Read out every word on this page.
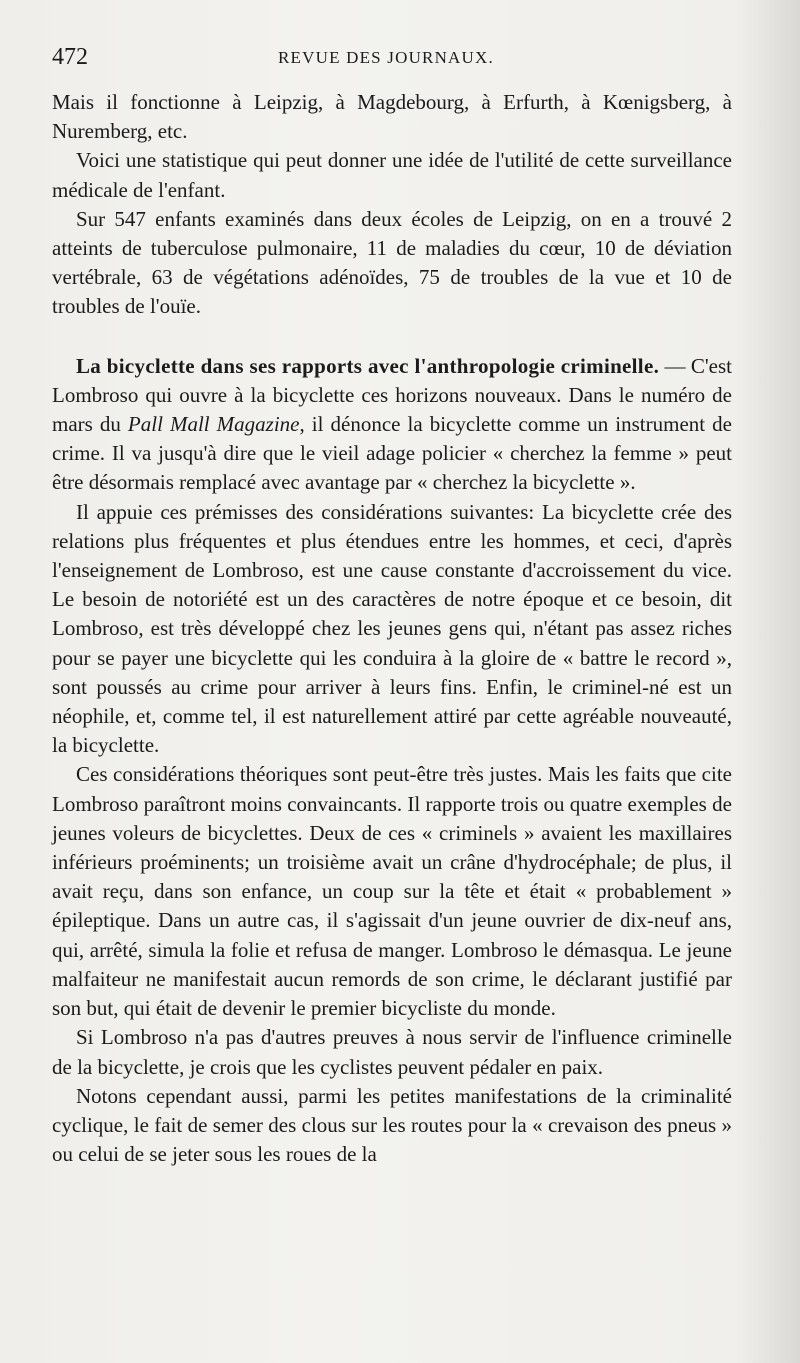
472	REVUE DES JOURNAUX.

Mais il fonctionne à Leipzig, à Magdebourg, à Erfurth, à Kœnigsberg, à Nuremberg, etc.

Voici une statistique qui peut donner une idée de l'utilité de cette surveillance médicale de l'enfant.

Sur 547 enfants examinés dans deux écoles de Leipzig, on en a trouvé 2 atteints de tuberculose pulmonaire, 11 de maladies du cœur, 10 de déviation vertébrale, 63 de végétations adénoïdes, 75 de troubles de la vue et 10 de troubles de l'ouïe.

La bicyclette dans ses rapports avec l'anthropologie criminelle. — C'est Lombroso qui ouvre à la bicyclette ces horizons nouveaux. Dans le numéro de mars du Pall Mall Magazine, il dénonce la bicyclette comme un instrument de crime. Il va jusqu'à dire que le vieil adage policier « cherchez la femme » peut être désormais remplacé avec avantage par « cherchez la bicyclette ».

Il appuie ces prémisses des considérations suivantes: La bicyclette crée des relations plus fréquentes et plus étendues entre les hommes, et ceci, d'après l'enseignement de Lombroso, est une cause constante d'accroissement du vice. Le besoin de notoriété est un des caractères de notre époque et ce besoin, dit Lombroso, est très développé chez les jeunes gens qui, n'étant pas assez riches pour se payer une bicyclette qui les conduira à la gloire de « battre le record », sont poussés au crime pour arriver à leurs fins. Enfin, le criminel-né est un néophile, et, comme tel, il est naturellement attiré par cette agréable nouveauté, la bicyclette.

Ces considérations théoriques sont peut-être très justes. Mais les faits que cite Lombroso paraîtront moins convaincants. Il rapporte trois ou quatre exemples de jeunes voleurs de bicyclettes. Deux de ces « criminels » avaient les maxillaires inférieurs proéminents; un troisième avait un crâne d'hydrocéphale; de plus, il avait reçu, dans son enfance, un coup sur la tête et était « probablement » épileptique. Dans un autre cas, il s'agissait d'un jeune ouvrier de dix-neuf ans, qui, arrêté, simula la folie et refusa de manger. Lombroso le démasqua. Le jeune malfaiteur ne manifestait aucun remords de son crime, le déclarant justifié par son but, qui était de devenir le premier bicycliste du monde.

Si Lombroso n'a pas d'autres preuves à nous servir de l'influence criminelle de la bicyclette, je crois que les cyclistes peuvent pédaler en paix.

Notons cependant aussi, parmi les petites manifestations de la criminalité cyclique, le fait de semer des clous sur les routes pour la « crevaison des pneus » ou celui de se jeter sous les roues de la
